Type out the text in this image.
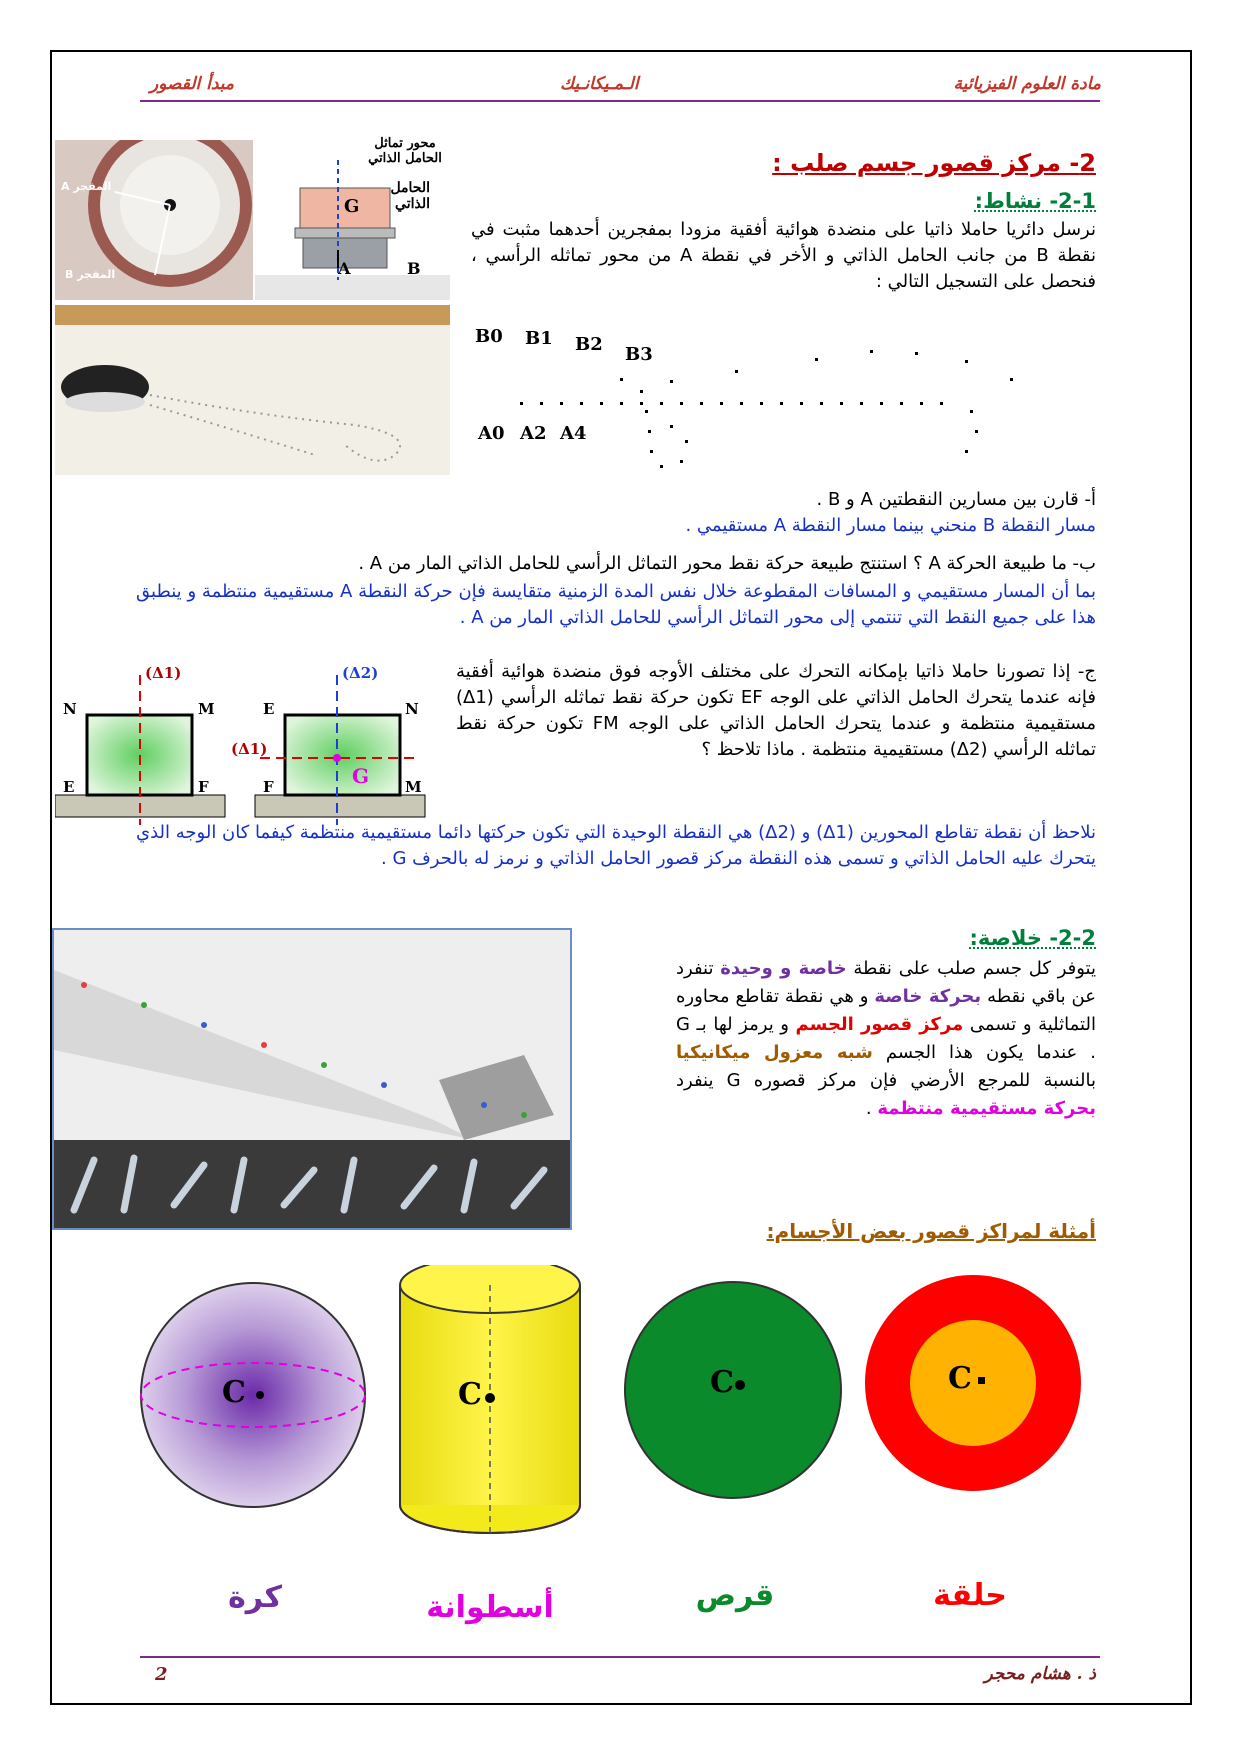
مادة العلوم الفيزيائية
الـمـيكانـيك
مبدأ القصور
المفجر A
المفجر B
محور تماثل الحامل الذاتي
الحامل الذاتي
G
A	B
2- مركز قصور جسم صلب :
2-1- نشاط:
نرسل دائريا حاملا ذاتيا على منضدة هوائية أفقية مزودا بمفجرين أحدهما مثبت في نقطة B من جانب الحامل الذاتي و الأخر في نقطة A من محور تماثله الرأسي ، فنحصل على التسجيل التالي :
B0 B1 B2 B3
A0 A2 A4
أ- قارن بين مسارين النقطتين A و B .
مسار النقطة B منحني بينما مسار النقطة A مستقيمي .
ب- ما طبيعة الحركة A ؟ استنتج طبيعة حركة نقط محور التماثل الرأسي للحامل الذاتي المار من A .
بما أن المسار مستقيمي و المسافات المقطوعة خلال نفس المدة الزمنية متقايسة فإن حركة النقطة A مستقيمية منتظمة و ينطبق هذا على جميع النقط التي تنتمي إلى محور التماثل الرأسي للحامل الذاتي المار من A .
(Δ1)	(Δ2)
(Δ1)
N	M
E	F
E	N
F	M
G
ج- إذا تصورنا حاملا ذاتيا بإمكانه التحرك على مختلف الأوجه فوق منضدة هوائية أفقية فإنه عندما يتحرك الحامل الذاتي على الوجه EF تكون حركة نقط تماثله الرأسي (Δ1) مستقيمية منتظمة و عندما يتحرك الحامل الذاتي على الوجه FM تكون حركة نقط تماثله الرأسي (Δ2) مستقيمية منتظمة . ماذا تلاحظ ؟
نلاحظ أن نقطة تقاطع المحورين (Δ1) و (Δ2) هي النقطة الوحيدة التي تكون حركتها دائما مستقيمية منتظمة كيفما كان الوجه الذي يتحرك عليه الحامل الذاتي و تسمى هذه النقطة مركز قصور الحامل الذاتي و نرمز له بالحرف G .
2-2- خلاصة:
يتوفر كل جسم صلب على نقطة خاصة و وحيدة تنفرد عن باقي نقطه بحركة خاصة و هي نقطة تقاطع محاوره التماثلية و تسمى مركز قصور الجسم و يرمز لها بـ G . عندما يكون هذا الجسم شبه معزول ميكانيكيا بالنسبة للمرجع الأرضي فإن مركز قصوره G ينفرد بحركة مستقيمية منتظمة .
أمثلة لمراكز قصور بعض الأجسام:
C	C	C	C
كرة	أسطوانة	قرص	حلقة
ذ . هشام محجر
2
